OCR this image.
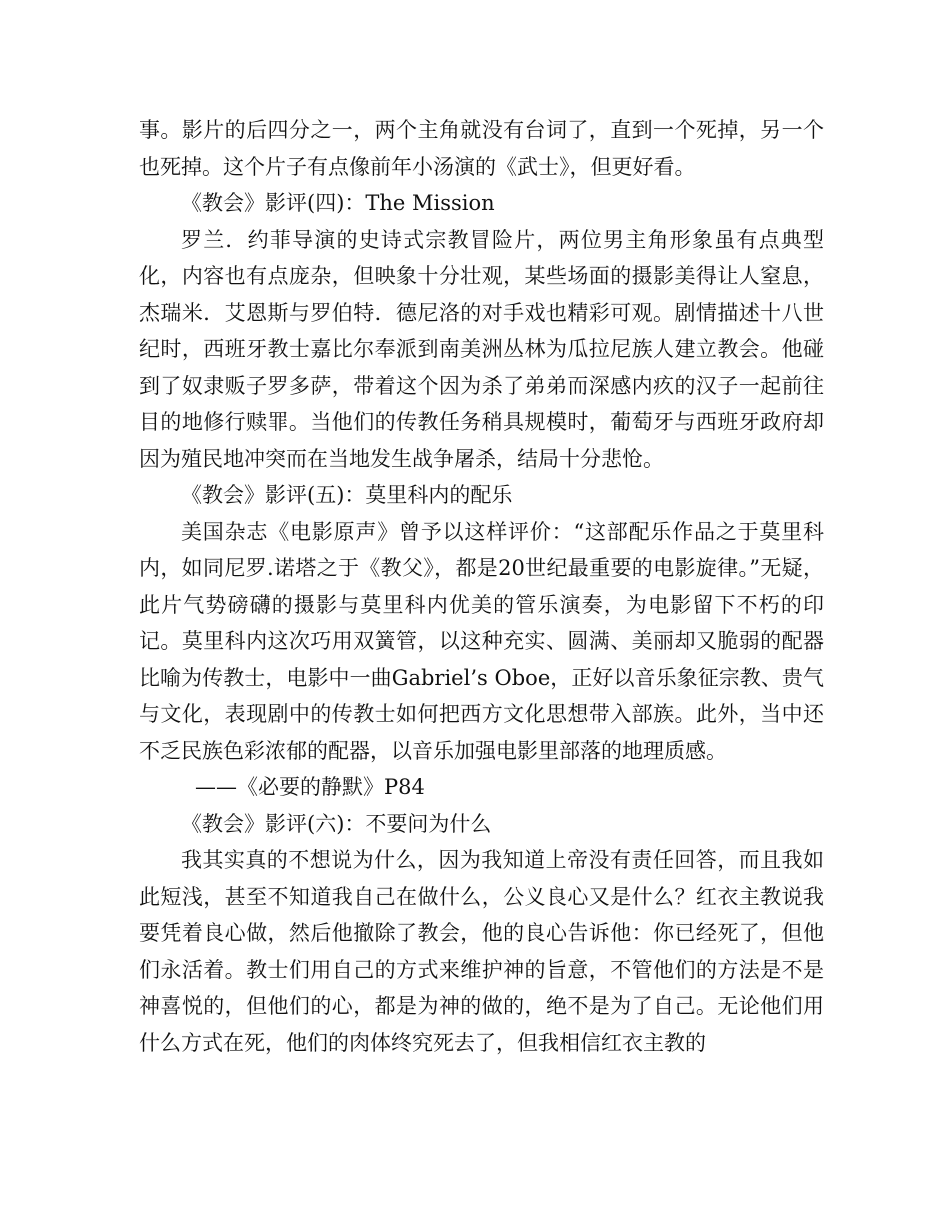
事。影片的后四分之一，两个主角就没有台词了，直到一个死掉，另一个也死掉。这个片子有点像前年小汤演的《武士》，但更好看。

《教会》影评(四)：The Mission

罗兰．约菲导演的史诗式宗教冒险片，两位男主角形象虽有点典型化，内容也有点庞杂，但映象十分壮观，某些场面的摄影美得让人窒息，杰瑞米．艾恩斯与罗伯特．德尼洛的对手戏也精彩可观。剧情描述十八世纪时，西班牙教士嘉比尔奉派到南美洲丛林为瓜拉尼族人建立教会。他碰到了奴隶贩子罗多萨，带着这个因为杀了弟弟而深感内疚的汉子一起前往目的地修行赎罪。当他们的传教任务稍具规模时，葡萄牙与西班牙政府却因为殖民地冲突而在当地发生战争屠杀，结局十分悲怆。

《教会》影评(五)：莫里科内的配乐

美国杂志《电影原声》曾予以这样评价：“这部配乐作品之于莫里科内，如同尼罗.诺塔之于《教父》，都是20世纪最重要的电影旋律。”无疑，此片气势磅礴的摄影与莫里科内优美的管乐演奏，为电影留下不朽的印记。莫里科内这次巧用双簧管，以这种充实、圆满、美丽却又脆弱的配器比喻为传教士，电影中一曲Gabriel’s Oboe，正好以音乐象征宗教、贵气与文化，表现剧中的传教士如何把西方文化思想带入部族。此外，当中还不乏民族色彩浓郁的配器，以音乐加强电影里部落的地理质感。

——《必要的静默》P84

《教会》影评(六)：不要问为什么

我其实真的不想说为什么，因为我知道上帝没有责任回答，而且我如此短浅，甚至不知道我自己在做什么，公义良心又是什么？红衣主教说我要凭着良心做，然后他撤除了教会，他的良心告诉他：你已经死了，但他们永活着。教士们用自己的方式来维护神的旨意，不管他们的方法是不是神喜悦的，但他们的心，都是为神的做的，绝不是为了自己。无论他们用什么方式在死，他们的肉体终究死去了，但我相信红衣主教的
